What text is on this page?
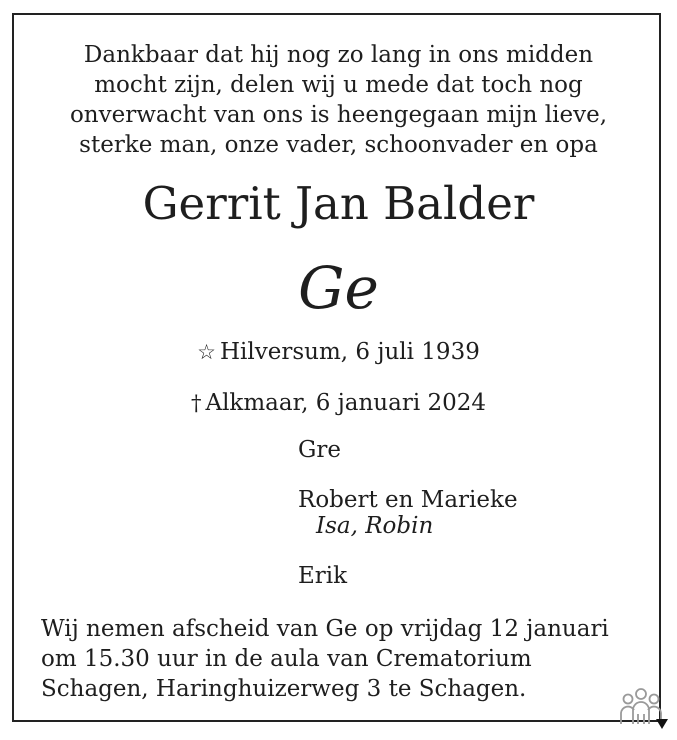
Dankbaar dat hij nog zo lang in ons midden
mocht zijn, delen wij u mede dat toch nog
onverwacht van ons is heengegaan mijn lieve,
sterke man, onze vader, schoonvader en opa
Gerrit Jan Balder
Ge
☆ Hilversum, 6 juli 1939
† Alkmaar, 6 januari 2024
Gre
Robert en Marieke
Isa, Robin
Erik
Wij nemen afscheid van Ge op vrijdag 12 januari
om 15.30 uur in de aula van Crematorium
Schagen, Haringhuizerweg 3 te Schagen.
